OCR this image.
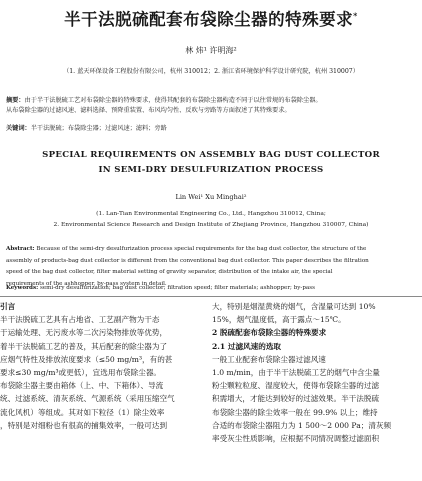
半干法脱硫配套布袋除尘器的特殊要求*
林 炜¹ 许明海²
（1. 蓝天环保设备工程股份有限公司，杭州 310012；2. 浙江省环境保护科学设计研究院，杭州 310007）
摘要：由于半干法脱硫工艺对布袋除尘器的特殊要求，使得其配套的布袋除尘器构造不同于以往常规的布袋除尘器。
从布袋除尘器的过滤风速、滤料选择、预降重装置、布风均匀性、反吹与旁路等方面叙述了其特殊要求。
关键词：半干法脱硫；布袋除尘器；过滤风速；滤料；旁路
SPECIAL REQUIREMENTS ON ASSEMBLY BAG DUST COLLECTOR
IN SEMI-DRY DESULFURIZATION PROCESS
Lin Wei¹ Xu Minghai²
(1. Lan-Tian Environmental Engineering Co., Ltd., Hangzhou 310012, China;
2. Environmental Science Research and Design Institute of Zhejiang Province, Hangzhou 310007, China)
Abstract: Because of the semi-dry desulfurization process special requirements for the bag dust collector, the structure of the
assembly of products-bag dust collector is different from the conventional bag dust collector. This paper describes the filtration
speed of the bag dust collector, filter material setting of gravity separator, distribution of the intake air, the special
requirements of the ashhopper, by-pass system in detail.
Keywords: semi-dry desulfurization; bag dust collector; filtration speed; filter materials; ashhopper; by-pass

引言

半干法脱硫工艺具有占地省、工艺副产物为干态

于运输处理、无污废水等二次污染物排放等优势，

着半干法脱硫工艺的普及，其后配套的除尘器为了

应烟气特性及排放浓度要求（≤50 mg/m³，有的甚

要求≤30 mg/m³或更低），宜选用布袋除尘器。

布袋除尘器主要由箱体（上、中、下箱体）、导流

统、过滤系统、清灰系统、气源系统（采用压缩空气

流化风机）等组成。其对如下粒径（1）除尘效率

，特别是对细粉也有很高的捕集效率，一般可达到

大，特别是烟湿黄烧的烟气，含湿量可达到 10%

15%，烟气温度低，高于露点～15℃。

2 脱硫配套布袋除尘器的特殊要求

2.1 过滤风速的选取

一般工业配套布袋除尘器过滤风速

1.0 m/min，由于半干法脱硫工艺的烟气中含尘量

粉尘颗粒粒度、湿度较大，使得布袋除尘器的过滤

积需增大，才能达到较好的过滤效果。半干法脱硫

布袋除尘器的除尘效率一般在 99.9% 以上；维持

合适的布袋除尘器阻力为 1 500～2 000 Pa；清灰频

率受灰尘性质影响，应根据不同情况调整过滤面积
